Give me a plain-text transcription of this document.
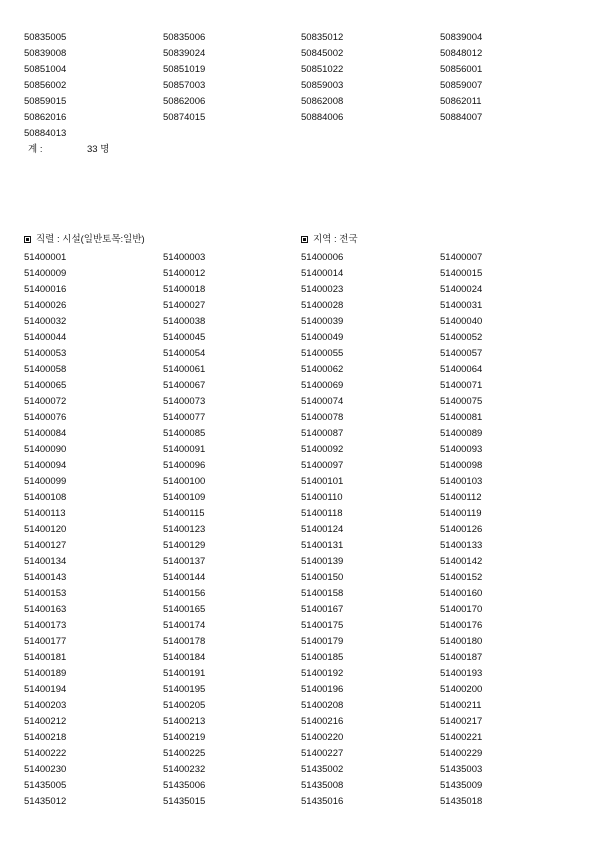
50835005	50835006	50835012	50839004
50839008	50839024	50845002	50848012
50851004	50851019	50851022	50856001
50856002	50857003	50859003	50859007
50859015	50862006	50862008	50862011
50862016	50874015	50884006	50884007
50884013
계 :	33 명
직렬 : 시설(일반토목:일반)	지역 : 전국
51400001	51400003	51400006	51400007
51400009	51400012	51400014	51400015
51400016	51400018	51400023	51400024
51400026	51400027	51400028	51400031
51400032	51400038	51400039	51400040
51400044	51400045	51400049	51400052
51400053	51400054	51400055	51400057
51400058	51400061	51400062	51400064
51400065	51400067	51400069	51400071
51400072	51400073	51400074	51400075
51400076	51400077	51400078	51400081
51400084	51400085	51400087	51400089
51400090	51400091	51400092	51400093
51400094	51400096	51400097	51400098
51400099	51400100	51400101	51400103
51400108	51400109	51400110	51400112
51400113	51400115	51400118	51400119
51400120	51400123	51400124	51400126
51400127	51400129	51400131	51400133
51400134	51400137	51400139	51400142
51400143	51400144	51400150	51400152
51400153	51400156	51400158	51400160
51400163	51400165	51400167	51400170
51400173	51400174	51400175	51400176
51400177	51400178	51400179	51400180
51400181	51400184	51400185	51400187
51400189	51400191	51400192	51400193
51400194	51400195	51400196	51400200
51400203	51400205	51400208	51400211
51400212	51400213	51400216	51400217
51400218	51400219	51400220	51400221
51400222	51400225	51400227	51400229
51400230	51400232	51435002	51435003
51435005	51435006	51435008	51435009
51435012	51435015	51435016	51435018
